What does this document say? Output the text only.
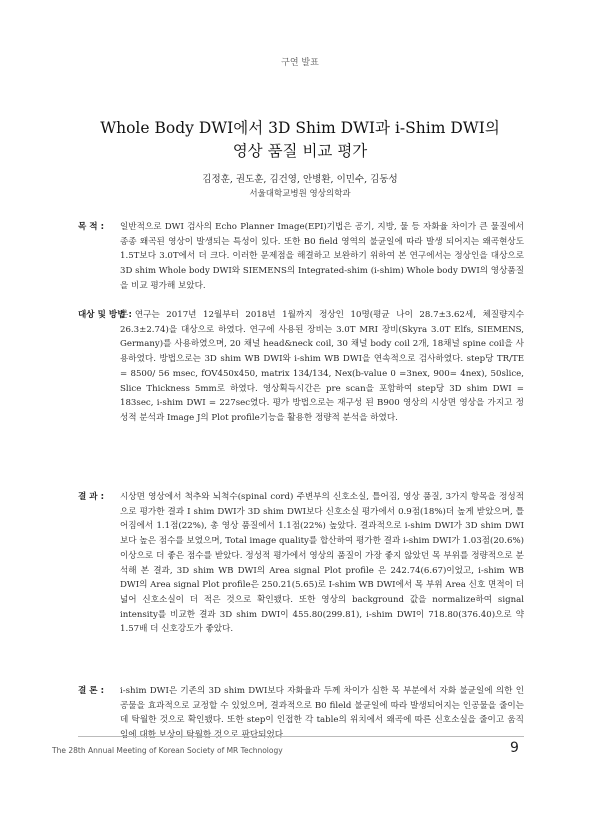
구연 발표
Whole Body DWI에서 3D Shim DWI과 i-Shim DWI의
영상 품질 비교 평가
김정훈, 권도훈, 김건영, 안병환, 이민수, 김동성
서울대학교병원 영상의학과
목 적 :	일반적으로 DWI 검사의 Echo Planner Image(EPI)기법은 공기, 지방, 물 등 자화율 차이가 큰 물질에서 종종 왜곡된 영상이 발생되는 특성이 있다. 또한 B0 field 영역의 불균일에 따라 발생 되어지는 왜곡현상도 1.5T보다 3.0T에서 더 크다. 이러한 문제점을 해결하고 보완하기 위하여 본 연구에서는 정상인을 대상으로 3D shim Whole body DWI와 SIEMENS의 Integrated-shim (i-shim) Whole body DWI의 영상품질을 비교 평가해 보았다.
대상 및 방법 :
본 연구는 2017년 12월부터 2018년 1월까지 정상인 10명(평균 나이 28.7±3.62세, 체질량지수 26.3±2.74)을 대상으로 하였다. 연구에 사용된 장비는 3.0T MRI 장비(Skyra 3.0T Elfs, SIEMENS, Germany)를 사용하였으며, 20 채널 head&neck coil, 30 채널 body coil 2개, 18채널 spine coil을 사용하였다. 방법으로는 3D shim WB DWI와 i-shim WB DWI을 연속적으로 검사하였다. step당 TR/TE = 8500/ 56 msec, fOV450x450, matrix 134/134, Nex(b-value 0 =3nex, 900= 4nex), 50slice, Slice Thickness 5mm로 하였다. 영상획득시간은 pre scan을 포함하여 step당 3D shim DWI = 183sec, i-shim DWI = 227sec였다. 평가 방법으로는 재구성 된 B900 영상의 시상면 영상을 가지고 정성적 분석과 Image J의 Plot profile기능을 활용한 정량적 분석을 하였다.
결 과 :	시상면 영상에서 척추와 뇌척수(spinal cord) 주변부의 신호소실, 틀어짐, 영상 품질, 3가지 항목을 정성적으로 평가한 결과 I shim DWI가 3D shim DWI보다 신호소실 평가에서 0.9점(18%)더 높게 받았으며, 틀어짐에서 1.1점(22%), 총 영상 품질에서 1.1점(22%) 높았다. 결과적으로 i-shim DWI가 3D shim DWI보다 높은 점수를 보였으며, Total image quality를 합산하여 평가한 결과 i-shim DWI가 1.03점(20.6%)이상으로 더 좋은 점수를 받았다. 정성적 평가에서 영상의 품질이 가장 좋지 않았던 목 부위를 정량적으로 분석해 본 결과, 3D shim WB DWI의 Area signal Plot profile 은 242.74(6.67)이었고, i-shim WB DWI의 Area signal Plot profile은 250.21(5.65)로 I-shim WB DWI에서 목 부위 Area 신호 면적이 더 넓어 신호소실이 더 적은 것으로 확인됐다. 또한 영상의 background 값을 normalize하여 signal intensity를 비교한 결과 3D shim DWI이 455.80(299.81), i-shim DWI이 718.80(376.40)으로 약 1.57배 더 신호강도가 좋았다.
결 론 :	i-shim DWI은 기존의 3D shim DWI보다 자화율과 두께 차이가 심한 목 부분에서 자화 불균일에 의한 인공물을 효과적으로 교정할 수 있었으며, 결과적으로 B0 fileld 불균일에 따라 발생되어지는 인공물을 줄이는데 탁월한 것으로 확인됐다. 또한 step이 인접한 각 table의 위치에서 왜곡에 따른 신호소실을 줄이고 움직
The 28th Annual Meeting of Korean Society of MR Technology	9
